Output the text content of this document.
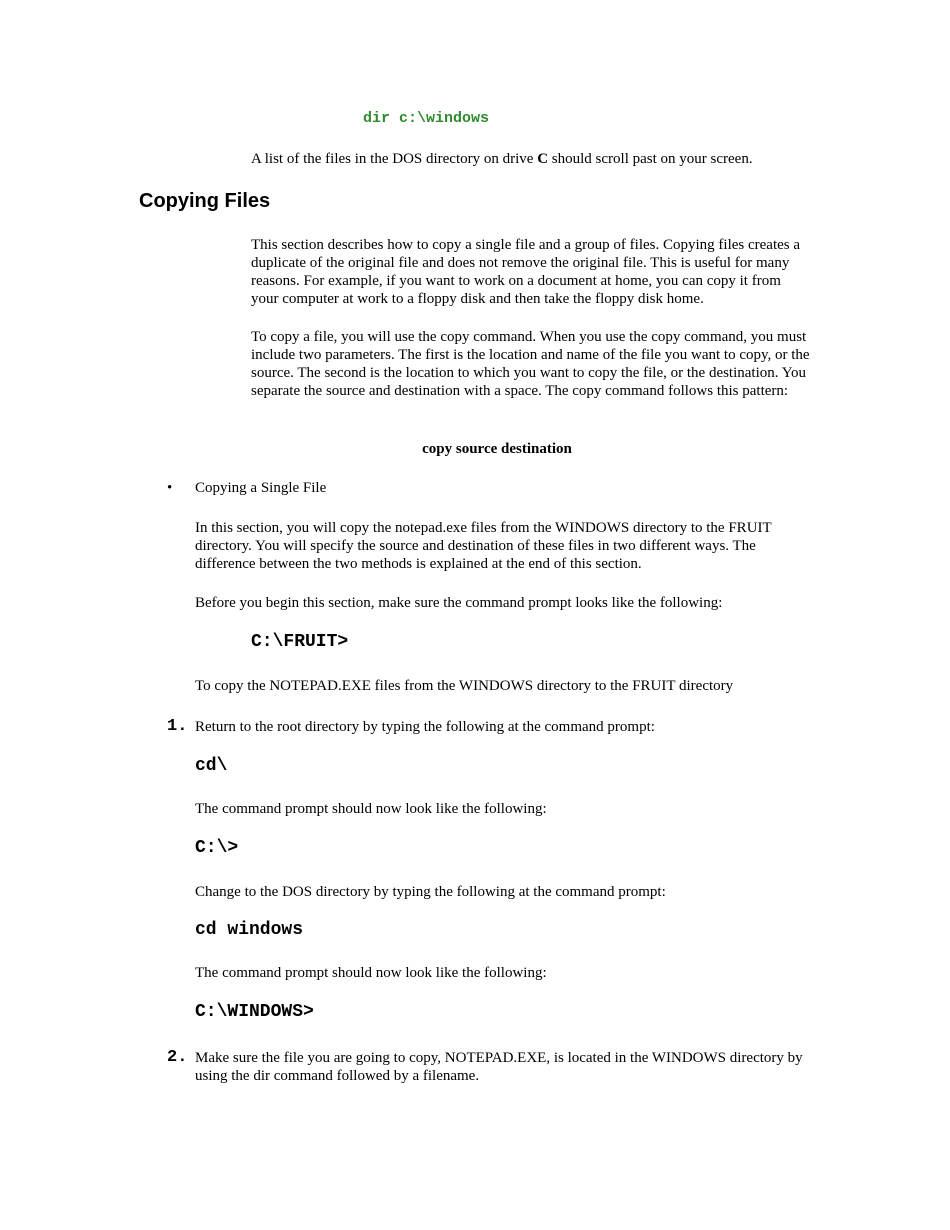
dir c:\windows
A list of the files in the DOS directory on drive C should scroll past on your screen.
Copying Files
This section describes how to copy a single file and a group of files. Copying files creates a duplicate of the original file and does not remove the original file. This is useful for many reasons. For example, if you want to work on a document at home, you can copy it from your computer at work to a floppy disk and then take the floppy disk home.
To copy a file, you will use the copy command. When you use the copy command, you must include two parameters. The first is the location and name of the file you want to copy, or the source. The second is the location to which you want to copy the file, or the destination. You separate the source and destination with a space. The copy command follows this pattern:
copy source destination
• Copying a Single File
In this section, you will copy the notepad.exe files from the WINDOWS directory to the FRUIT directory. You will specify the source and destination of these files in two different ways. The difference between the two methods is explained at the end of this section.
Before you begin this section, make sure the command prompt looks like the following:
C:\FRUIT>
To copy the NOTEPAD.EXE files from the WINDOWS directory to the FRUIT directory
1. Return to the root directory by typing the following at the command prompt:
cd\
The command prompt should now look like the following:
C:\>
Change to the DOS directory by typing the following at the command prompt:
cd windows
The command prompt should now look like the following:
C:\WINDOWS>
2. Make sure the file you are going to copy, NOTEPAD.EXE, is located in the WINDOWS directory by using the dir command followed by a filename.
